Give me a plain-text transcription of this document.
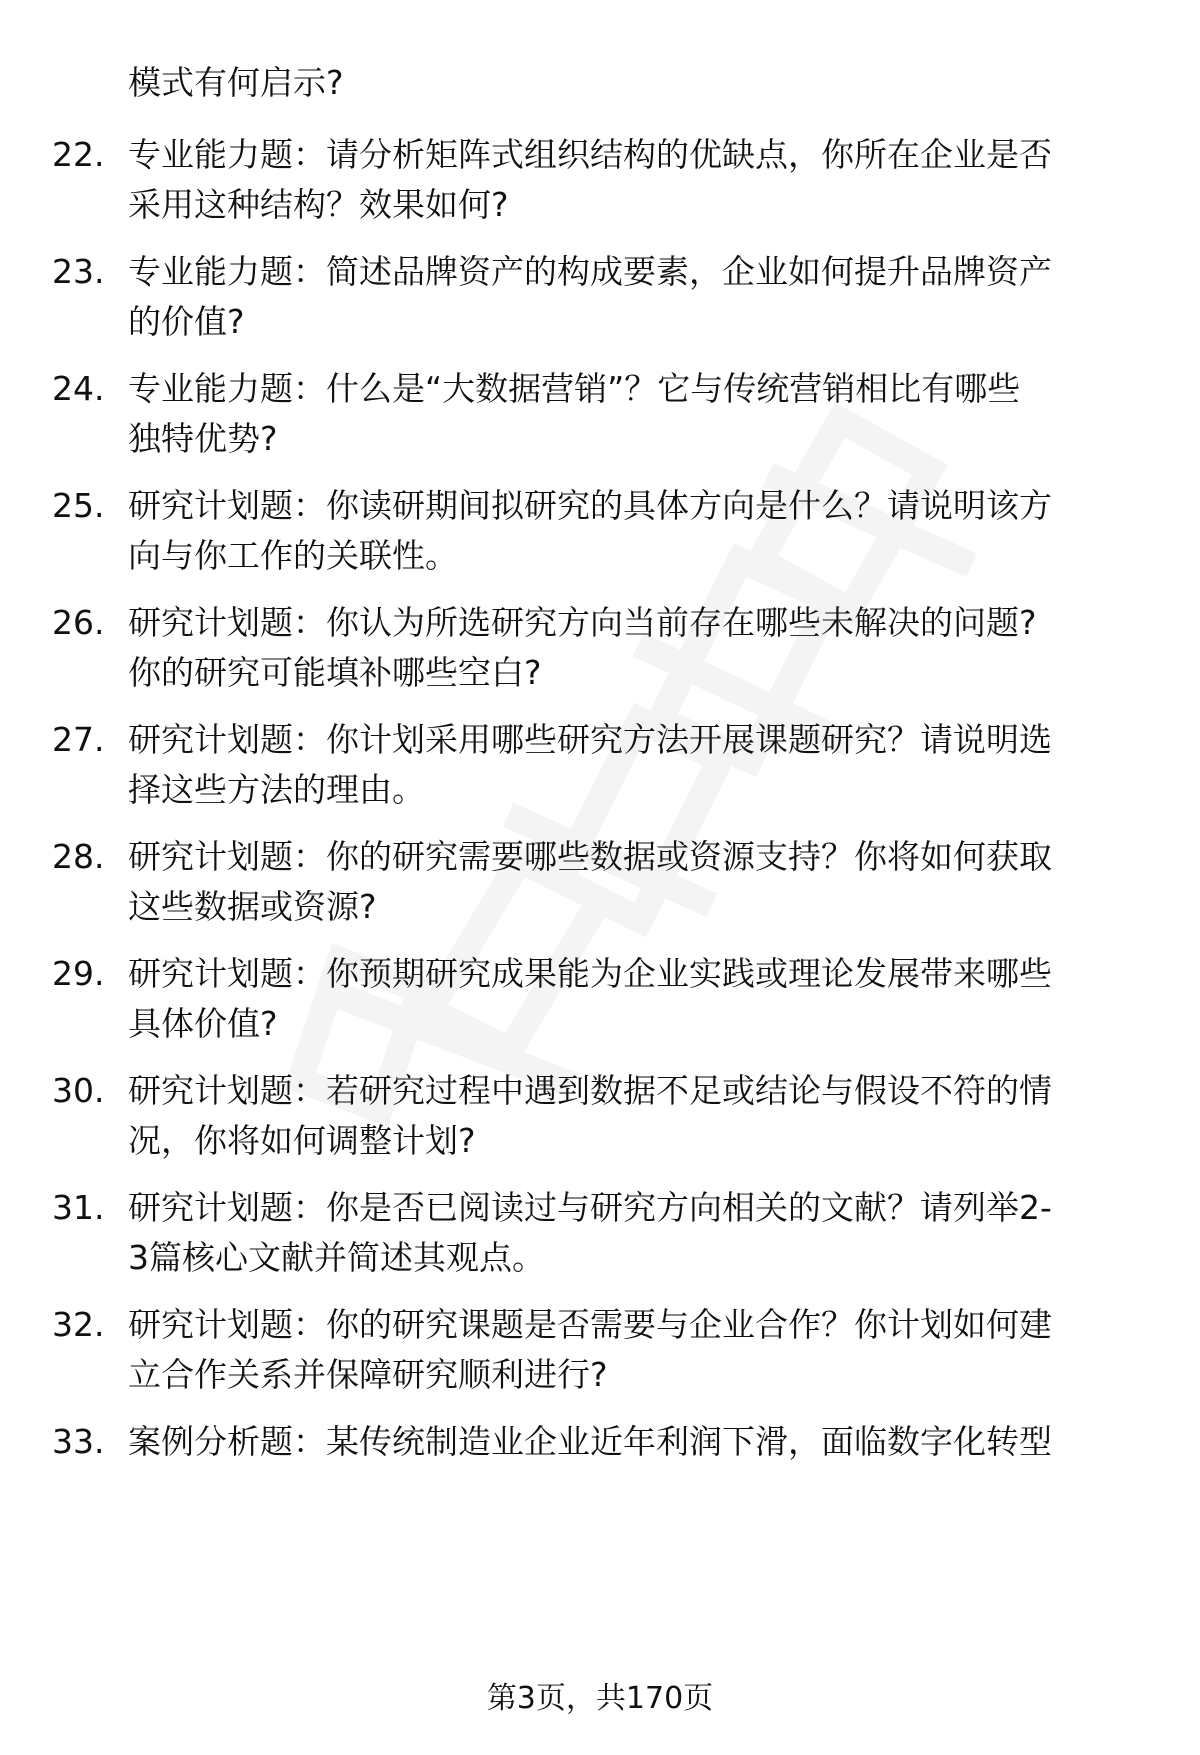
模式有何启示?
22. 专业能力题：请分析矩阵式组织结构的优缺点，你所在企业是否
采用这种结构？效果如何?
23. 专业能力题：简述品牌资产的构成要素，企业如何提升品牌资产
的价值?
24. 专业能力题：什么是“大数据营销”？它与传统营销相比有哪些
独特优势?
25. 研究计划题：你读研期间拟研究的具体方向是什么？请说明该方
向与你工作的关联性。
26. 研究计划题：你认为所选研究方向当前存在哪些未解决的问题?
你的研究可能填补哪些空白?
27. 研究计划题：你计划采用哪些研究方法开展课题研究？请说明选
择这些方法的理由。
28. 研究计划题：你的研究需要哪些数据或资源支持？你将如何获取
这些数据或资源?
29. 研究计划题：你预期研究成果能为企业实践或理论发展带来哪些
具体价值?
30. 研究计划题：若研究过程中遇到数据不足或结论与假设不符的情
况，你将如何调整计划?
31. 研究计划题：你是否已阅读过与研究方向相关的文献？请列举2-
3篇核心文献并简述其观点。
32. 研究计划题：你的研究课题是否需要与企业合作？你计划如何建
立合作关系并保障研究顺利进行?
33. 案例分析题：某传统制造业企业近年利润下滑，面临数字化转型
第3页，共170页
